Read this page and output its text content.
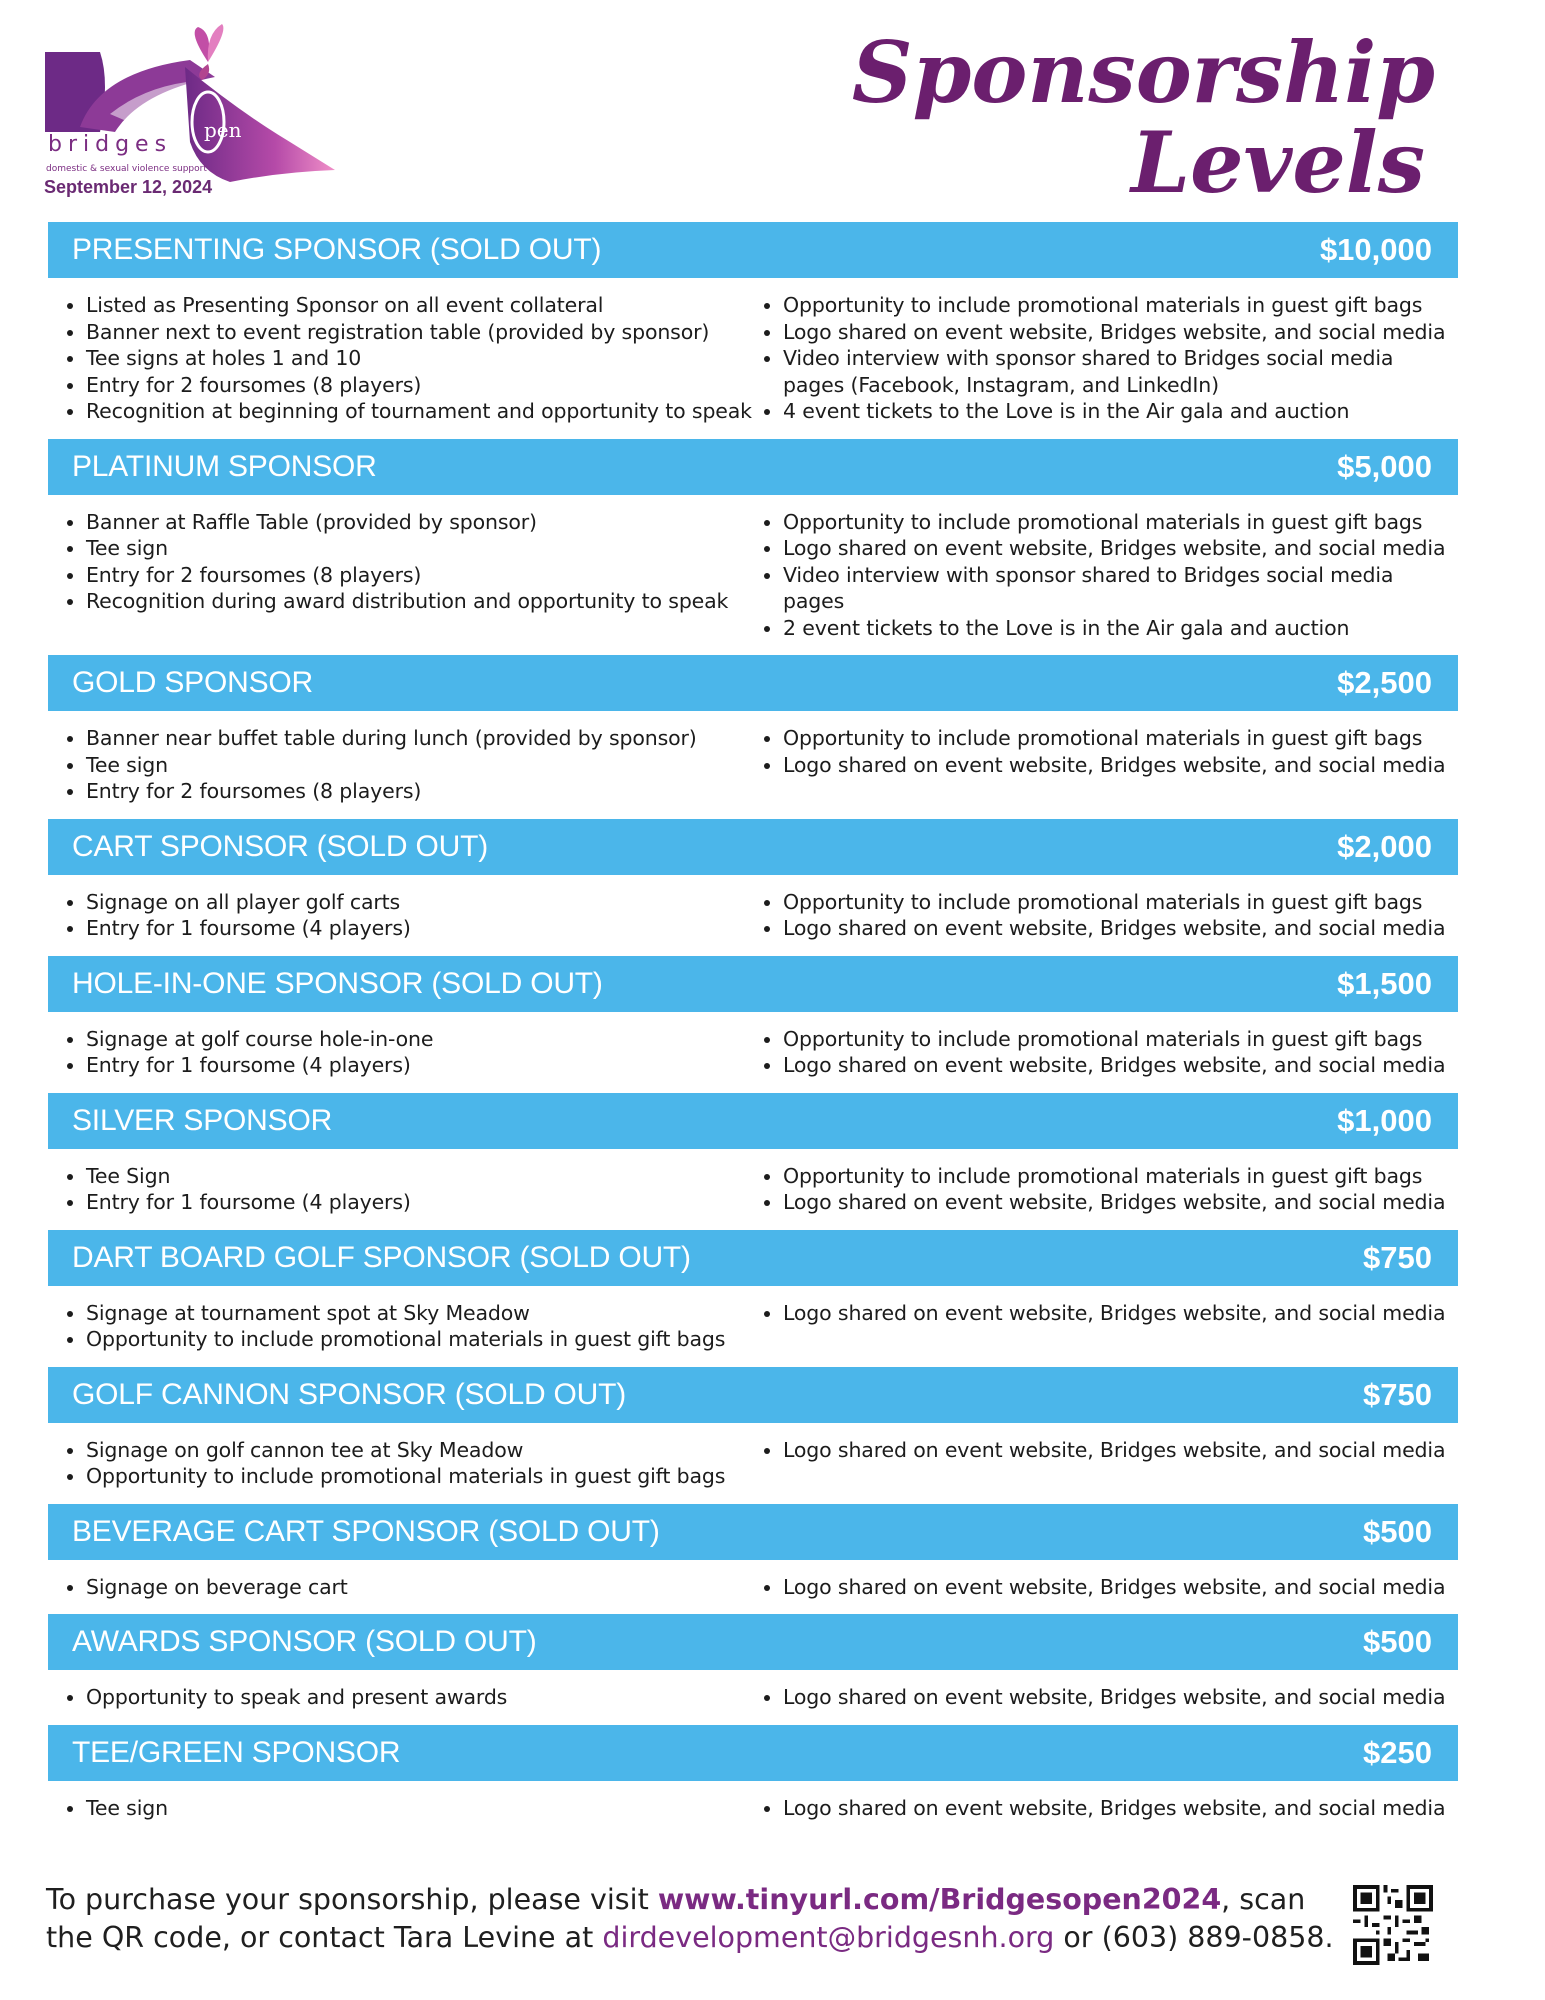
bridges
domestic & sexual violence support
pen
September 12, 2024
Sponsorship
Levels
PRESENTING SPONSOR (SOLD OUT)	$10,000
• Listed as Presenting Sponsor on all event collateral
• Banner next to event registration table (provided by sponsor)
• Tee signs at holes 1 and 10
• Entry for 2 foursomes (8 players)
• Recognition at beginning of tournament and opportunity to speak
• Opportunity to include promotional materials in guest gift bags
• Logo shared on event website, Bridges website, and social media
• Video interview with sponsor shared to Bridges social media pages (Facebook, Instagram, and LinkedIn)
• 4 event tickets to the Love is in the Air gala and auction
PLATINUM SPONSOR	$5,000
• Banner at Raffle Table (provided by sponsor)
• Tee sign
• Entry for 2 foursomes (8 players)
• Recognition during award distribution and opportunity to speak
• Opportunity to include promotional materials in guest gift bags
• Logo shared on event website, Bridges website, and social media
• Video interview with sponsor shared to Bridges social media pages
• 2 event tickets to the Love is in the Air gala and auction
GOLD SPONSOR	$2,500
• Banner near buffet table during lunch (provided by sponsor)
• Tee sign
• Entry for 2 foursomes (8 players)
• Opportunity to include promotional materials in guest gift bags
• Logo shared on event website, Bridges website, and social media
CART SPONSOR (SOLD OUT)	$2,000
• Signage on all player golf carts
• Entry for 1 foursome (4 players)
• Opportunity to include promotional materials in guest gift bags
• Logo shared on event website, Bridges website, and social media
HOLE-IN-ONE SPONSOR (SOLD OUT)	$1,500
• Signage at golf course hole-in-one
• Entry for 1 foursome (4 players)
• Opportunity to include promotional materials in guest gift bags
• Logo shared on event website, Bridges website, and social media
SILVER SPONSOR	$1,000
• Tee Sign
• Entry for 1 foursome (4 players)
• Opportunity to include promotional materials in guest gift bags
• Logo shared on event website, Bridges website, and social media
DART BOARD GOLF SPONSOR (SOLD OUT)	$750
• Signage at tournament spot at Sky Meadow
• Opportunity to include promotional materials in guest gift bags
• Logo shared on event website, Bridges website, and social media
GOLF CANNON SPONSOR (SOLD OUT)	$750
• Signage on golf cannon tee at Sky Meadow
• Opportunity to include promotional materials in guest gift bags
• Logo shared on event website, Bridges website, and social media
BEVERAGE CART SPONSOR (SOLD OUT)	$500
• Signage on beverage cart	• Logo shared on event website, Bridges website, and social media
AWARDS SPONSOR (SOLD OUT)	$500
• Opportunity to speak and present awards	• Logo shared on event website, Bridges website, and social media
TEE/GREEN SPONSOR	$250
• Tee sign	• Logo shared on event website, Bridges website, and social media
To purchase your sponsorship, please visit www.tinyurl.com/Bridgesopen2024, scan the QR code, or contact Tara Levine at dirdevelopment@bridgesnh.org or (603) 889-0858.
